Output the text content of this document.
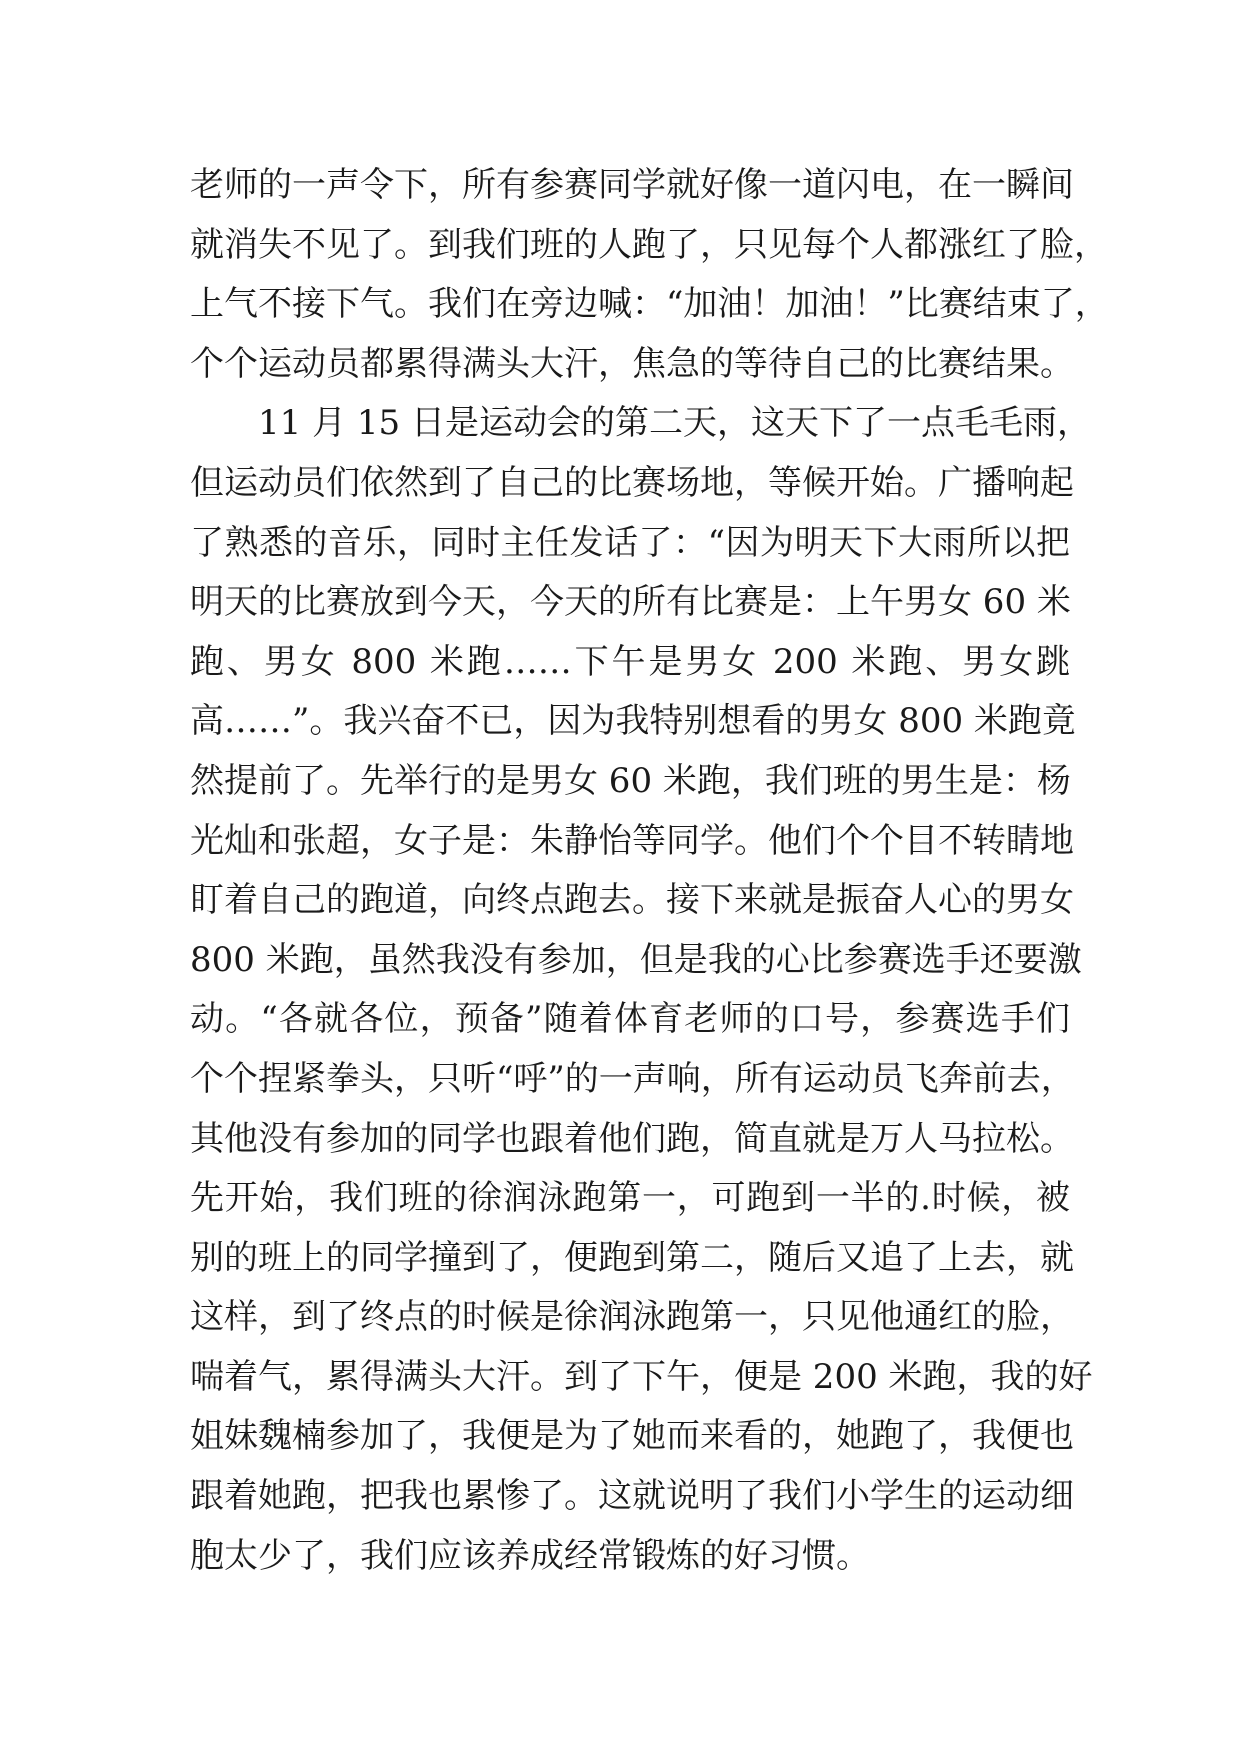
老师的一声令下，所有参赛同学就好像一道闪电，在一瞬间
就消失不见了。到我们班的人跑了，只见每个人都涨红了脸，
上气不接下气。我们在旁边喊：“加油！加油！”比赛结束了，
个个运动员都累得满头大汗，焦急的等待自己的比赛结果。
11 月 15 日是运动会的第二天，这天下了一点毛毛雨，
但运动员们依然到了自己的比赛场地，等候开始。广播响起
了熟悉的音乐，同时主任发话了：“因为明天下大雨所以把
明天的比赛放到今天，今天的所有比赛是：上午男女 60 米
跑、男女 800 米跑……下午是男女 200 米跑、男女跳
高……”。我兴奋不已，因为我特别想看的男女 800 米跑竟
然提前了。先举行的是男女 60 米跑，我们班的男生是：杨
光灿和张超，女子是：朱静怡等同学。他们个个目不转睛地
盯着自己的跑道，向终点跑去。接下来就是振奋人心的男女
800 米跑，虽然我没有参加，但是我的心比参赛选手还要激
动。“各就各位，预备”随着体育老师的口号，参赛选手们
个个捏紧拳头，只听“呼”的一声响，所有运动员飞奔前去，
其他没有参加的同学也跟着他们跑，简直就是万人马拉松。
先开始，我们班的徐润泳跑第一，可跑到一半的.时候，被
别的班上的同学撞到了，便跑到第二，随后又追了上去，就
这样，到了终点的时候是徐润泳跑第一，只见他通红的脸，
喘着气，累得满头大汗。到了下午，便是 200 米跑，我的好
姐妹魏楠参加了，我便是为了她而来看的，她跑了，我便也
跟着她跑，把我也累惨了。这就说明了我们小学生的运动细
胞太少了，我们应该养成经常锻炼的好习惯。
